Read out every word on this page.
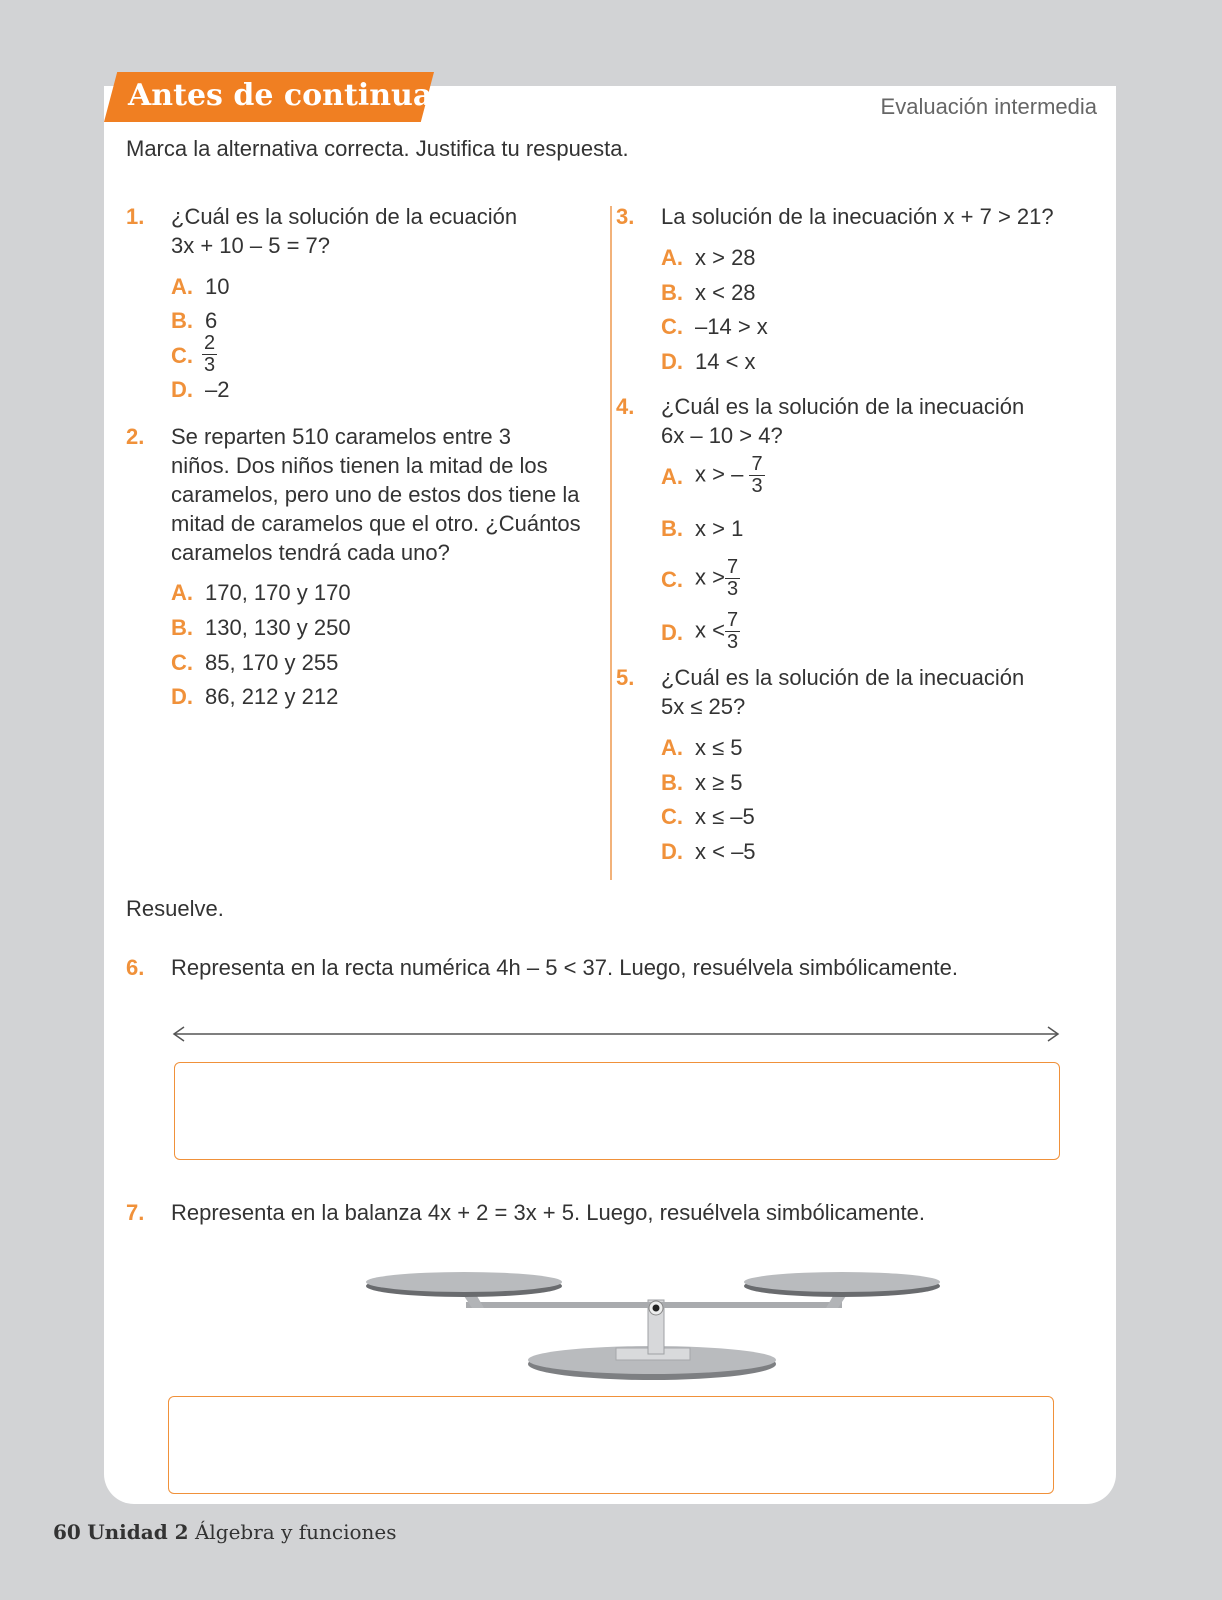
Antes de continuar	Evaluación intermedia
Marca la alternativa correcta. Justifica tu respuesta.
1. ¿Cuál es la solución de la ecuación
3x + 10 – 5 = 7?
A. 10
B. 6
C. $\frac{2}{3}$
D. –2
2. Se reparten 510 caramelos entre 3
niños. Dos niños tienen la mitad de los
caramelos, pero uno de estos dos tiene la
mitad de caramelos que el otro. ¿Cuántos
caramelos tendrá cada uno?
A. 170, 170 y 170
B. 130, 130 y 250
C. 85, 170 y 255
D. 86, 212 y 212
3. La solución de la inecuación x + 7 > 21?
A. x > 28
B. x < 28
C. –14 > x
D. 14 < x
4. ¿Cuál es la solución de la inecuación
6x – 10 > 4?
A. x > – $\frac{7}{3}$
B. x > 1
C. $x > \frac{7}{3}$
D. $x < \frac{7}{3}$
5. ¿Cuál es la solución de la inecuación
5x ≤ 25?
A. x ≤ 5
B. x ≥ 5
C. x ≤ –5
D. x < –5
Resuelve.
6. Representa en la recta numérica 4h – 5 < 37. Luego, resuélvela simbólicamente.
7. Representa en la balanza 4x + 2 = 3x + 5. Luego, resuélvela simbólicamente.
60 Unidad 2 Álgebra y funciones
